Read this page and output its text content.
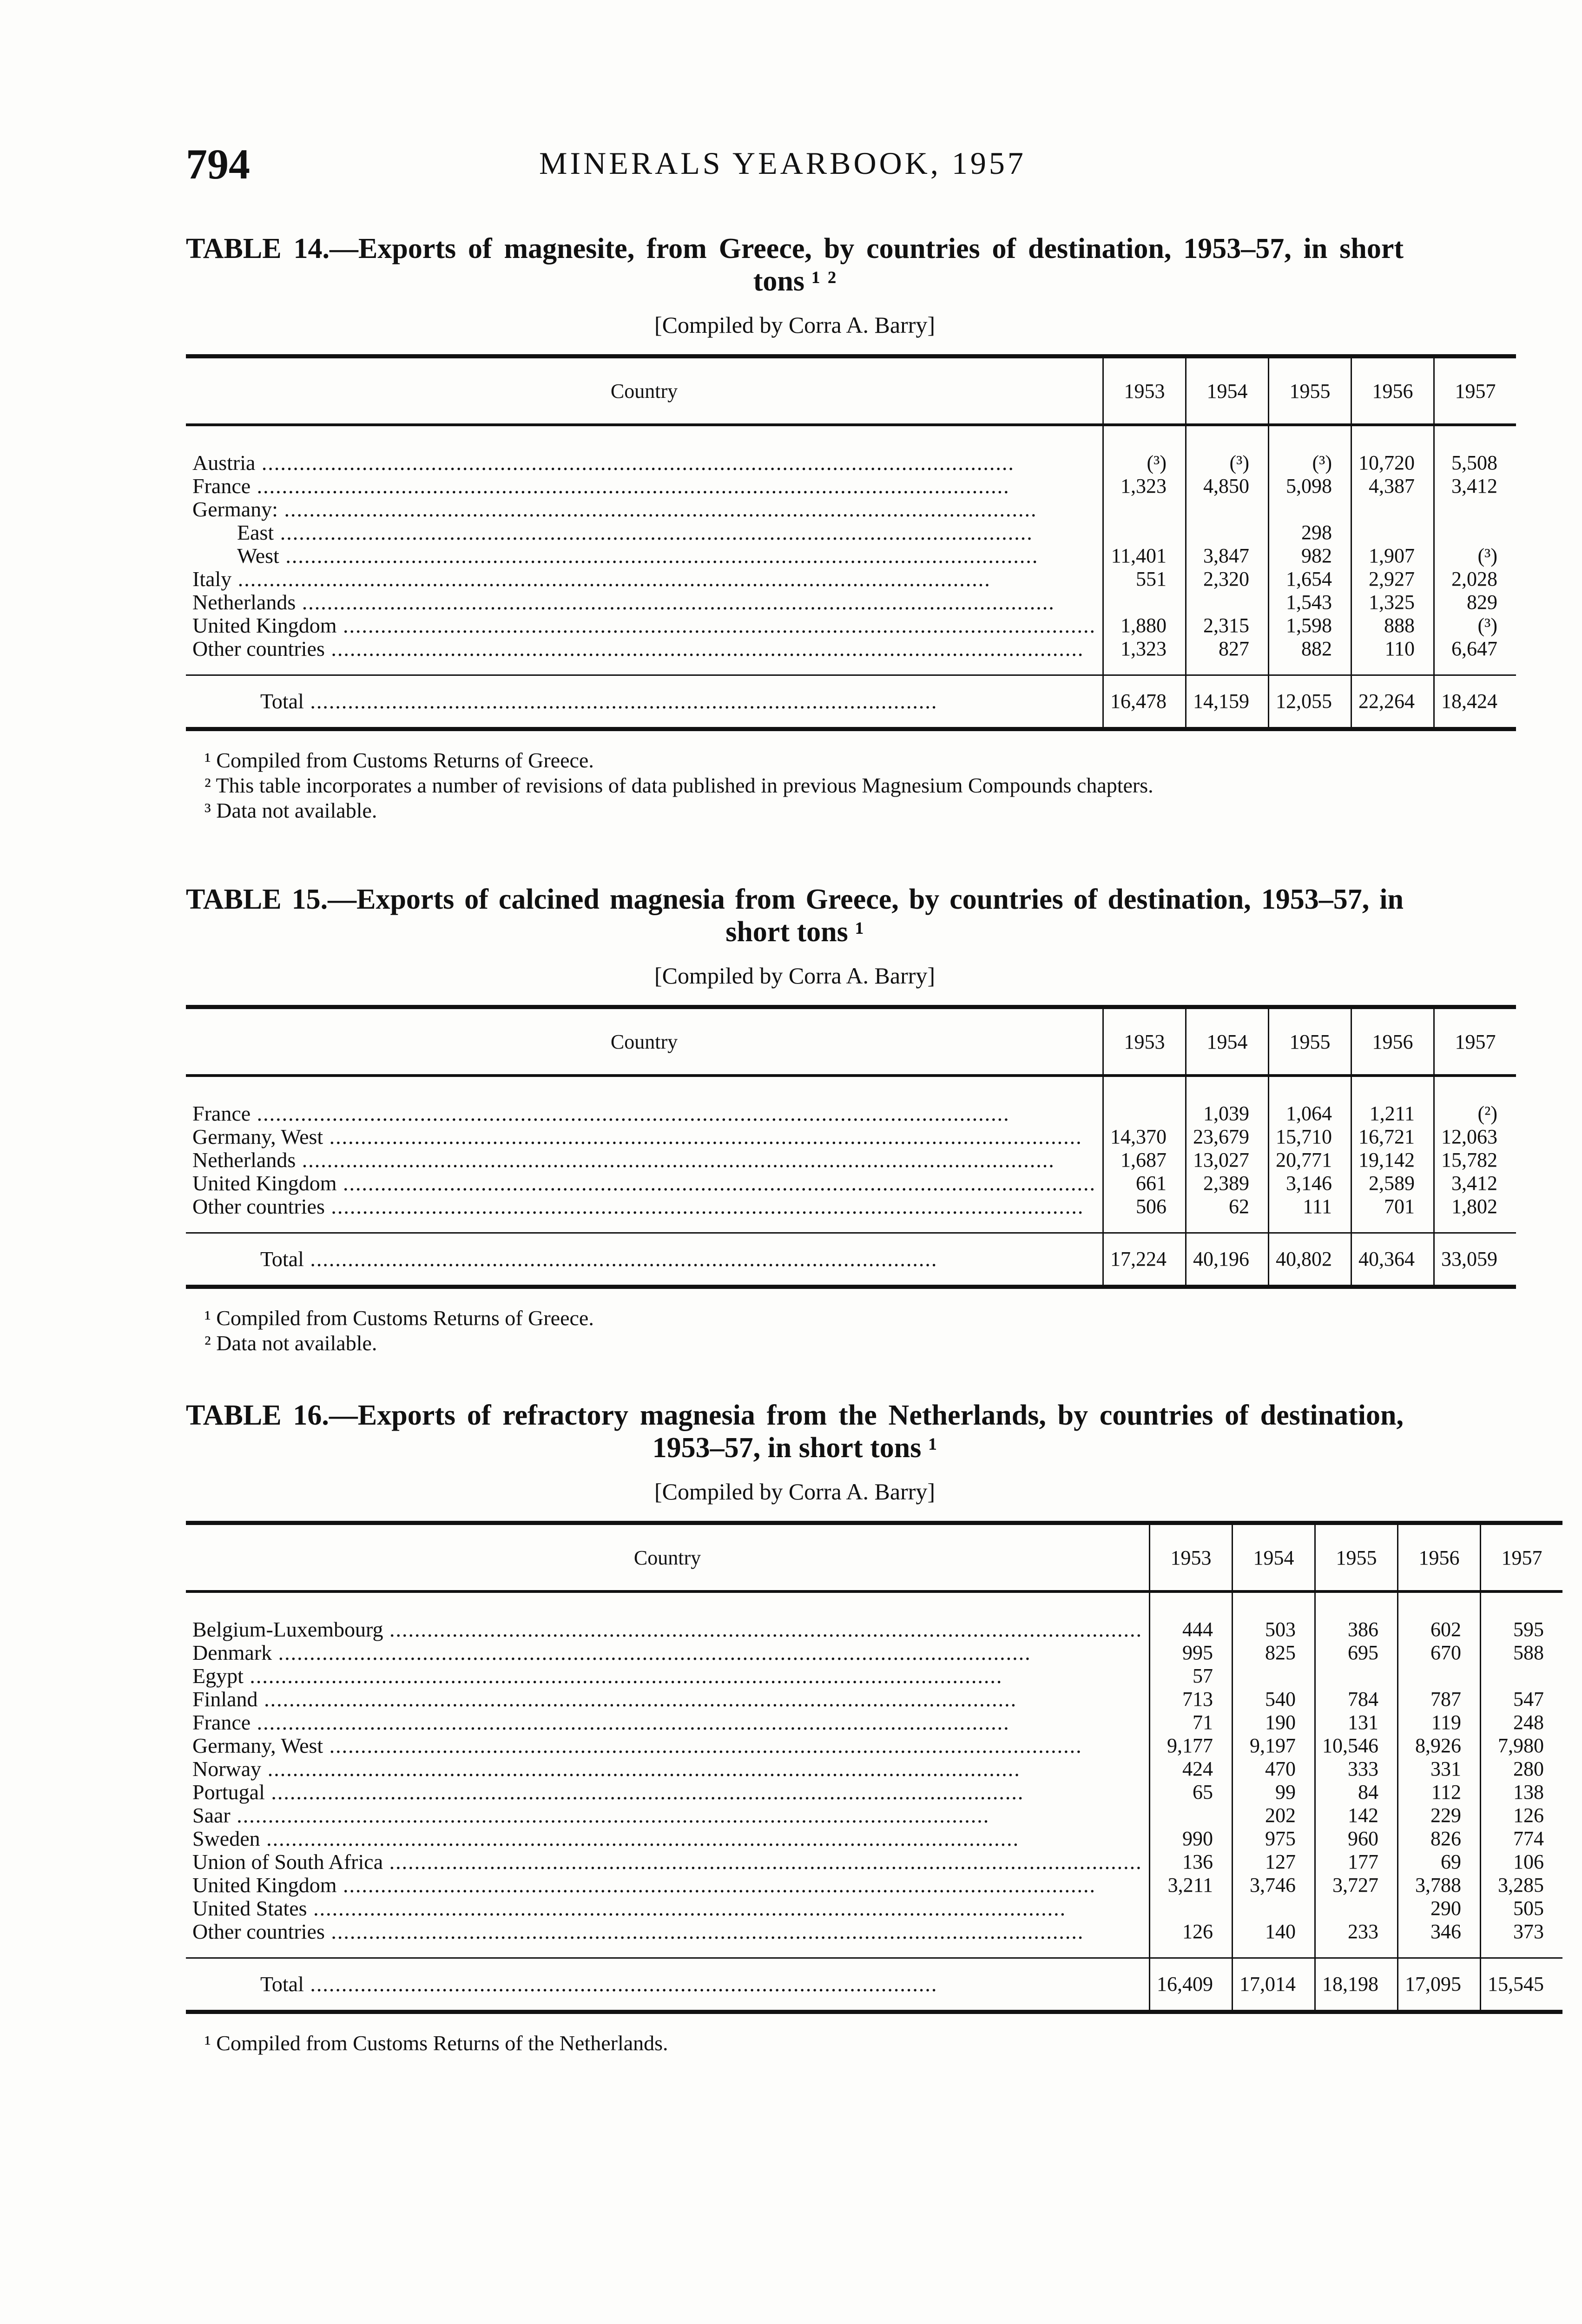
794	MINERALS YEARBOOK, 1957
TABLE 14.—Exports of magnesite, from Greece, by countries of destination, 1953–57, in short tons ¹ ²
[Compiled by Corra A. Barry]
Country	1953	1954	1955	1956	1957
Austria ........................................................................................................................	(³)	(³)	(³)	10,720	5,508
France ........................................................................................................................	1,323	4,850	5,098	4,387	3,412
Germany: ........................................................................................................................					
East ........................................................................................................................			298		
West ........................................................................................................................	11,401	3,847	982	1,907	(³)
Italy ........................................................................................................................	551	2,320	1,654	2,927	2,028
Netherlands ........................................................................................................................			1,543	1,325	829
United Kingdom ........................................................................................................................	1,880	2,315	1,598	888	(³)
Other countries ........................................................................................................................	1,323	827	882	110	6,647
Total ....................................................................................................	16,478	14,159	12,055	22,264	18,424

¹ Compiled from Customs Returns of Greece.

² This table incorporates a number of revisions of data published in previous Magnesium Compounds chapters.

³ Data not available.

TABLE 15.—Exports of calcined magnesia from Greece, by countries of destination, 1953–57, in short tons ¹
[Compiled by Corra A. Barry]
Country	1953	1954	1955	1956	1957
France ........................................................................................................................		1,039	1,064	1,211	(²)
Germany, West ........................................................................................................................	14,370	23,679	15,710	16,721	12,063
Netherlands ........................................................................................................................	1,687	13,027	20,771	19,142	15,782
United Kingdom ........................................................................................................................	661	2,389	3,146	2,589	3,412
Other countries ........................................................................................................................	506	62	111	701	1,802
Total ....................................................................................................	17,224	40,196	40,802	40,364	33,059

¹ Compiled from Customs Returns of Greece.

² Data not available.

TABLE 16.—Exports of refractory magnesia from the Netherlands, by countries of destination, 1953–57, in short tons ¹
[Compiled by Corra A. Barry]
Country	1953	1954	1955	1956	1957
Belgium-Luxembourg ........................................................................................................................	444	503	386	602	595
Denmark ........................................................................................................................	995	825	695	670	588
Egypt ........................................................................................................................	57				
Finland ........................................................................................................................	713	540	784	787	547
France ........................................................................................................................	71	190	131	119	248
Germany, West ........................................................................................................................	9,177	9,197	10,546	8,926	7,980
Norway ........................................................................................................................	424	470	333	331	280
Portugal ........................................................................................................................	65	99	84	112	138
Saar ........................................................................................................................		202	142	229	126
Sweden ........................................................................................................................	990	975	960	826	774
Union of South Africa ........................................................................................................................	136	127	177	69	106
United Kingdom ........................................................................................................................	3,211	3,746	3,727	3,788	3,285
United States ........................................................................................................................				290	505
Other countries ........................................................................................................................	126	140	233	346	373
Total ....................................................................................................	16,409	17,014	18,198	17,095	15,545

¹ Compiled from Customs Returns of the Netherlands.
